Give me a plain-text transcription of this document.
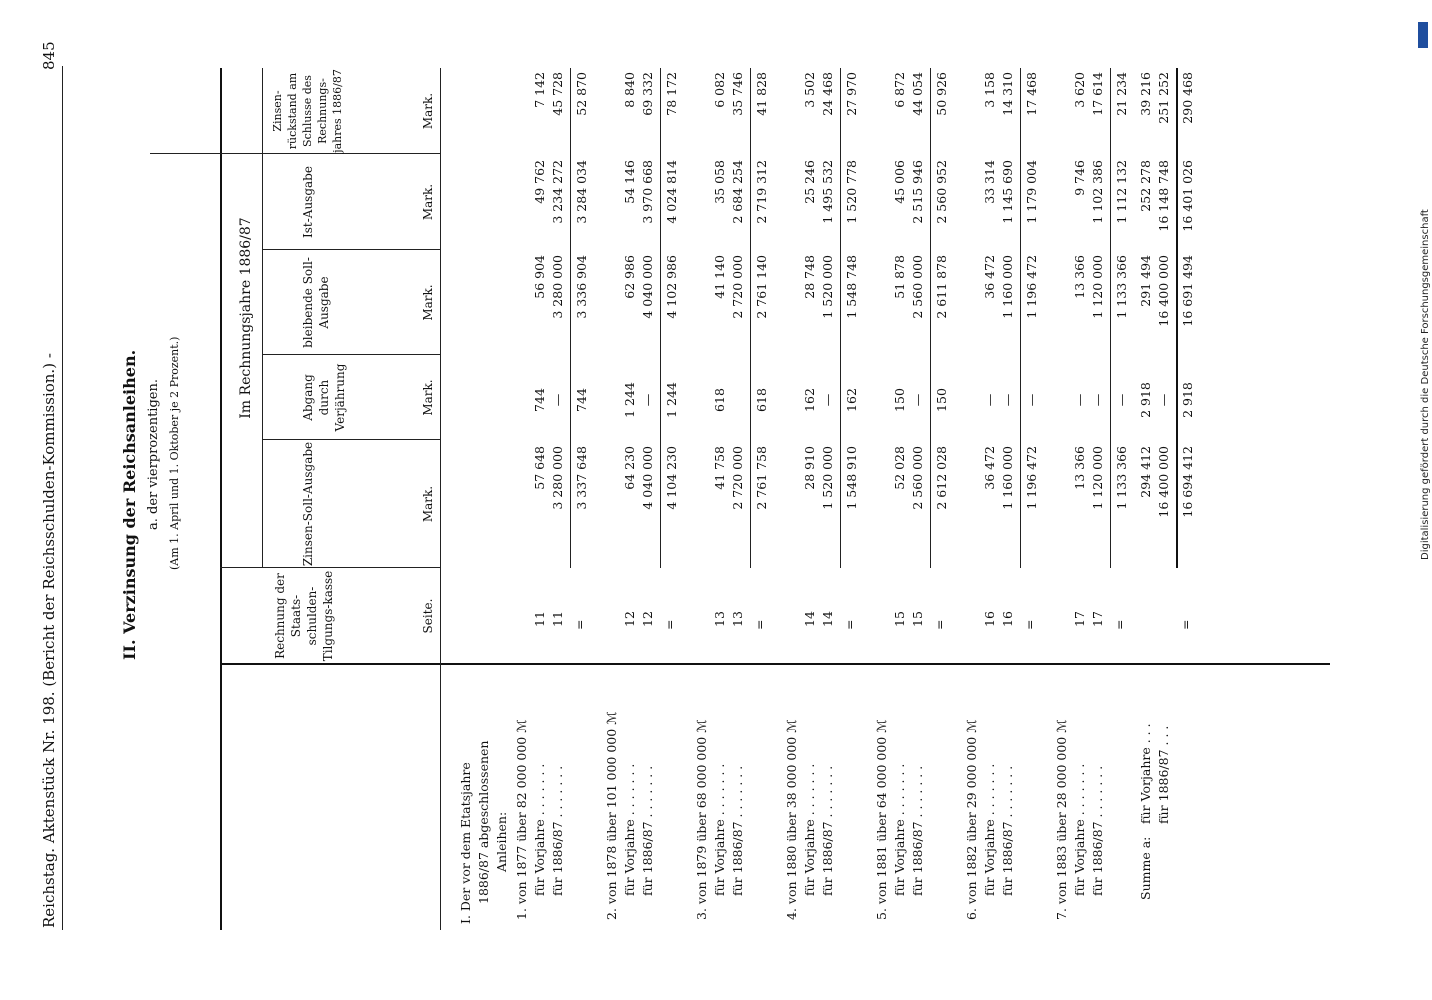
Reichstag. Aktenstück Nr. 198. (Bericht der Reichsschulden-Kommission.) -
845
II. Verzinsung der Reichsanleihen. a. der vierprozentigen. (Am 1. April und 1. Oktober je 2 Prozent.)
Rechnung der Staats-schulden-Tilgungs-kasse	Seite.
Im Rechnungsjahre 1886/87
Zinsen-Soll-Ausgabe
Abgang durch Verjährung
bleibende Soll-Ausgabe
Ist-Ausgabe
Zinsen-rückstand am Schlusse des Rechnungs-jahres 1886/87
Mark.
Mark.
Mark.
Mark.
Mark.
I. Der vor dem Etatsjahre 1886/87 abgeschlossenen Anleihen: 1. von 1877 über 82 000 000 ℳ für Vorjahre . . . . . . .
11
57 648
744
56 904
49 762
7 142
für 1886/87 . . . . . . .
11
3 280 000
—
3 280 000
3 234 272
45 728
=
3 337 648
744
3 336 904
3 284 034
52 870
2. von 1878 über 101 000 000 ℳ für Vorjahre . . . . . . .
12
64 230
1 244
62 986
54 146
8 840
für 1886/87 . . . . . . .
12
4 040 000
—
4 040 000
3 970 668
69 332
=
4 104 230
1 244
4 102 986
4 024 814
78 172
3. von 1879 über 68 000 000 ℳ für Vorjahre . . . . . . .
13
41 758
618
41 140
35 058
6 082
für 1886/87 . . . . . . .
13
2 720 000
2 720 000
2 684 254
35 746
=
2 761 758
618
2 761 140
2 719 312
41 828
4. von 1880 über 38 000 000 ℳ für Vorjahre . . . . . . .
14
28 910
162
28 748
25 246
3 502
für 1886/87 . . . . . . .
14
1 520 000
—
1 520 000
1 495 532
24 468
=
1 548 910
162
1 548 748
1 520 778
27 970
5. von 1881 über 64 000 000 ℳ für Vorjahre . . . . . . .
15
52 028
150
51 878
45 006
6 872
für 1886/87 . . . . . . .
15
2 560 000
—
2 560 000
2 515 946
44 054
=
2 612 028
150
2 611 878
2 560 952
50 926
6. von 1882 über 29 000 000 ℳ für Vorjahre . . . . . . .
16
36 472
—
36 472
33 314
3 158
für 1886/87 . . . . . . .
16
1 160 000
—
1 160 000
1 145 690
14 310
=
1 196 472
—
1 196 472
1 179 004
17 468
7. von 1883 über 28 000 000 ℳ für Vorjahre . . . . . . .
17
13 366
—
13 366
9 746
3 620
für 1886/87 . . . . . . .
17
1 120 000
—
1 120 000
1 102 386
17 614
=
1 133 366
—
1 133 366
1 112 132
21 234
Summe a:
für Vorjahre . . .
294 412
2 918
291 494
252 278
39 216
für 1886/87 . . .
16 400 000
—
16 400 000
16 148 748
251 252
=
16 694 412
2 918
16 691 494
16 401 026
290 468
Digitalisierung gefördert durch die Deutsche Forschungsgemeinschaft
